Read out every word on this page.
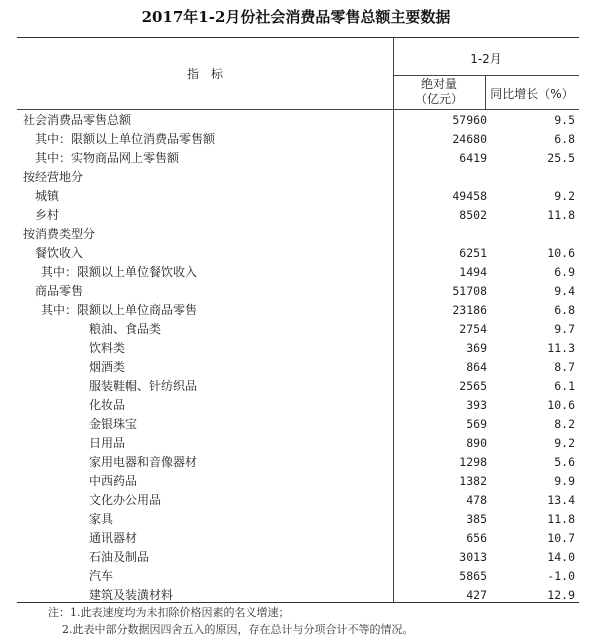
2017年1-2月份社会消费品零售总额主要数据
指　标
1-2月
绝对量
（亿元）	同比增长（%）
社会消费品零售总额	57960	9.5
其中：限额以上单位消费品零售额	24680	6.8
其中：实物商品网上零售额	6419	25.5
按经营地分
城镇	49458	9.2
乡村	8502	11.8
按消费类型分
餐饮收入	6251	10.6
其中：限额以上单位餐饮收入	1494	6.9
商品零售	51708	9.4
其中：限额以上单位商品零售	23186	6.8
粮油、食品类	2754	9.7
饮料类	369	11.3
烟酒类	864	8.7
服装鞋帽、针纺织品	2565	6.1
化妆品	393	10.6
金银珠宝	569	8.2
日用品	890	9.2
家用电器和音像器材	1298	5.6
中西药品	1382	9.9
文化办公用品	478	13.4
家具	385	11.8
通讯器材	656	10.7
石油及制品	3013	14.0
汽车	5865	-1.0
建筑及装潢材料	427	12.9
注：1.此表速度均为未扣除价格因素的名义增速；
2.此表中部分数据因四舍五入的原因，存在总计与分项合计不等的情况。
